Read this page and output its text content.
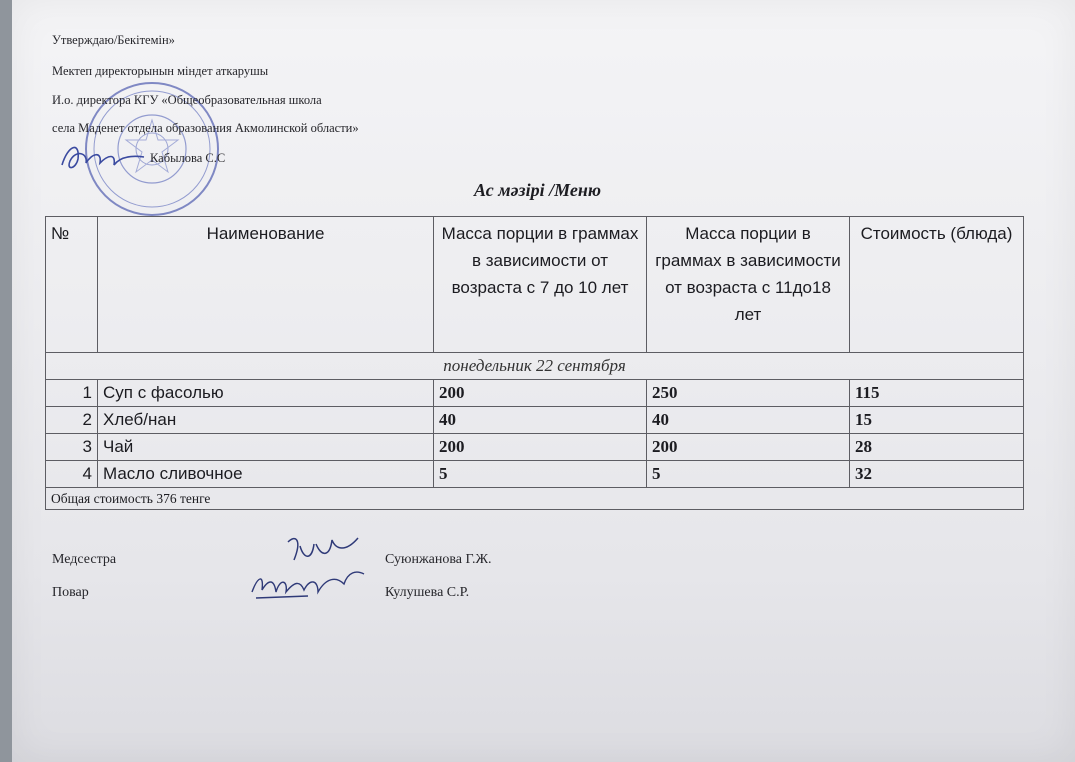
Утверждаю/Бекітемін»
Мектеп директорынын міндет аткарушы
И.о. директора КГУ «Общеобразовательная школа
села Маденет отдела образования Акмолинской области»
Кабылова С.С
Ас мәзірі /Меню
№	Наименование	Масса порции в граммах в зависимости от возраста с 7 до 10 лет	Масса порции в граммах в зависимости от возраста с 11до18 лет	Стоимость (блюда)
понедельник 22 сентября				
1	Суп с фасолью	200	250	115
2	Хлеб/нан	40	40	15
3	Чай	200	200	28
4	Масло сливочное	5	5	32
Общая стоимость 376 тенге				
Медсестра	Суюнжанова Г.Ж.
Повар	Кулушева С.Р.
